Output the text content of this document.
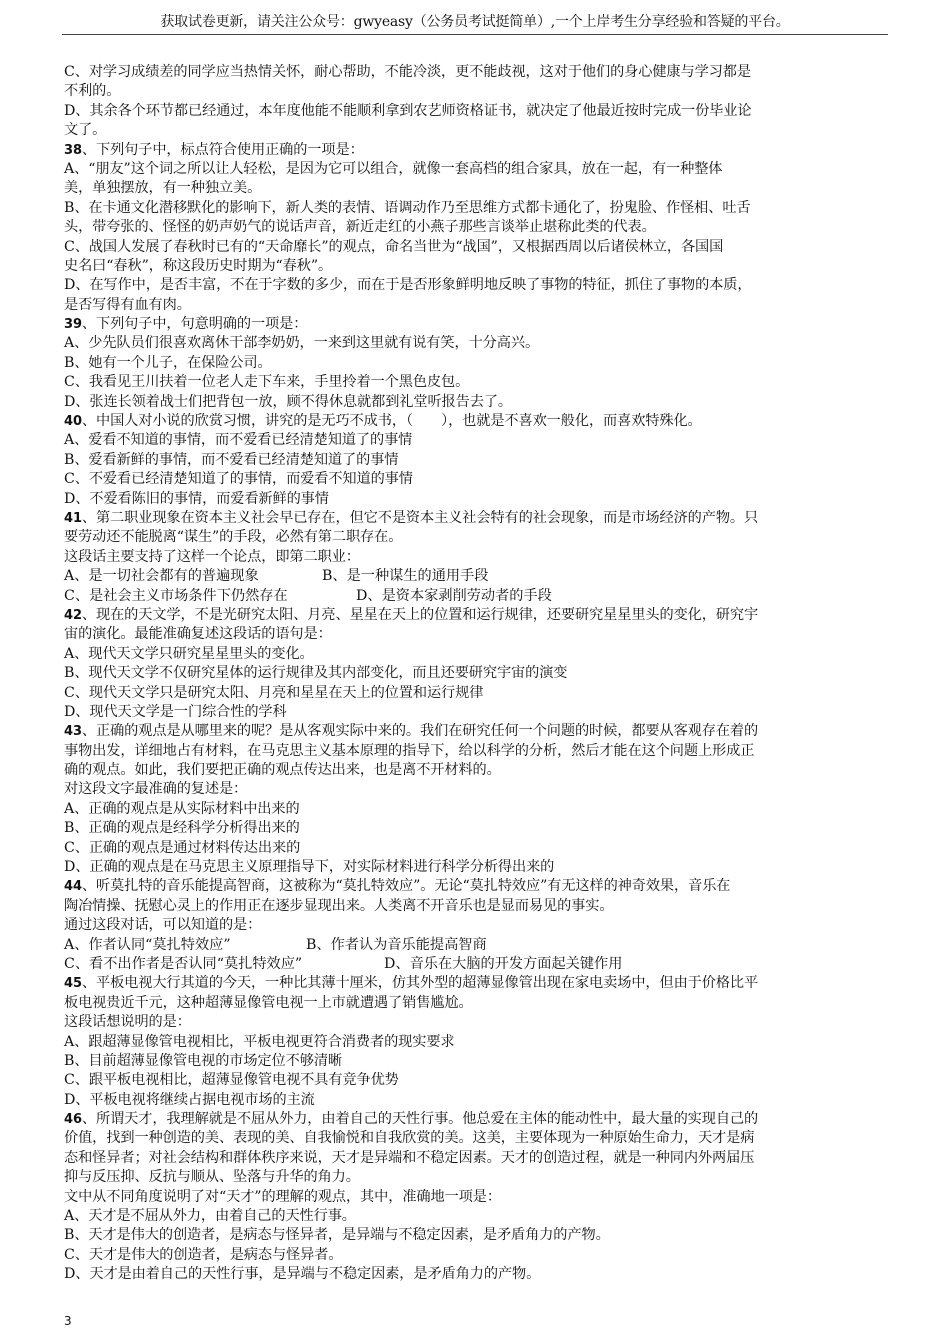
获取试卷更新，请关注公众号：gwyeasy（公务员考试挺简单）,一个上岸考生分享经验和答疑的平台。
C、对学习成绩差的同学应当热情关怀，耐心帮助，不能冷淡，更不能歧视，这对于他们的身心健康与学习都是
不利的。
D、其余各个环节都已经通过，本年度他能不能顺利拿到农艺师资格证书，就决定了他最近按时完成一份毕业论
文了。
38、下列句子中，标点符合使用正确的一项是：
A、“朋友”这个词之所以让人轻松，是因为它可以组合，就像一套高档的组合家具，放在一起，有一种整体
美，单独摆放，有一种独立美。
B、在卡通文化潜移默化的影响下，新人类的表情、语调动作乃至思维方式都卡通化了，扮鬼脸、作怪相、吐舌
头，带夸张的、怪怪的奶声奶气的说话声音，新近走红的小燕子那些言谈举止堪称此类的代表。
C、战国人发展了春秋时已有的“天命靡长”的观点，命名当世为“战国”，又根据西周以后诸侯林立，各国国
史名曰“春秋”，称这段历史时期为“春秋”。
D、在写作中，是否丰富，不在于字数的多少，而在于是否形象鲜明地反映了事物的特征，抓住了事物的本质，
是否写得有血有肉。
39、下列句子中，句意明确的一项是：
A、少先队员们很喜欢离休干部李奶奶，一来到这里就有说有笑，十分高兴。
B、她有一个儿子，在保险公司。
C、我看见王川扶着一位老人走下车来，手里拎着一个黑色皮包。
D、张连长领着战士们把背包一放，顾不得休息就都到礼堂听报告去了。
40、中国人对小说的欣赏习惯，讲究的是无巧不成书，（　　），也就是不喜欢一般化，而喜欢特殊化。
A、爱看不知道的事情，而不爱看已经清楚知道了的事情
B、爱看新鲜的事情，而不爱看已经清楚知道了的事情
C、不爱看已经清楚知道了的事情，而爱看不知道的事情
D、不爱看陈旧的事情，而爱看新鲜的事情
41、第二职业现象在资本主义社会早已存在，但它不是资本主义社会特有的社会现象，而是市场经济的产物。只
要劳动还不能脱离“谋生”的手段，必然有第二职存在。
这段话主要支持了这样一个论点，即第二职业：
A、是一切社会都有的普遍现象	B、是一种谋生的通用手段
C、是社会主义市场条件下仍然存在	D、是资本家剥削劳动者的手段
42、现在的天文学，不是光研究太阳、月亮、星星在天上的位置和运行规律，还要研究星星里头的变化，研究宇
宙的演化。最能准确复述这段话的语句是：
A、现代天文学只研究星星里头的变化。
B、现代天文学不仅研究星体的运行规律及其内部变化，而且还要研究宇宙的演变
C、现代天文学只是研究太阳、月亮和星星在天上的位置和运行规律
D、现代天文学是一门综合性的学科
43、正确的观点是从哪里来的呢？是从客观实际中来的。我们在研究任何一个问题的时候，都要从客观存在着的
事物出发，详细地占有材料，在马克思主义基本原理的指导下，给以科学的分析，然后才能在这个问题上形成正
确的观点。如此，我们要把正确的观点传达出来，也是离不开材料的。
对这段文字最准确的复述是：
A、正确的观点是从实际材料中出来的
B、正确的观点是经科学分析得出来的
C、正确的观点是通过材料传达出来的
D、正确的观点是在马克思主义原理指导下，对实际材料进行科学分析得出来的
44、听莫扎特的音乐能提高智商，这被称为“莫扎特效应”。无论“莫扎特效应”有无这样的神奇效果，音乐在
陶冶情操、抚慰心灵上的作用正在逐步显现出来。人类离不开音乐也是显而易见的事实。
通过这段对话，可以知道的是：
A、作者认同“莫扎特效应”	B、作者认为音乐能提高智商
C、看不出作者是否认同“莫扎特效应”	D、音乐在大脑的开发方面起关键作用
45、平板电视大行其道的今天，一种比其薄十厘米，仿其外型的超薄显像管出现在家电卖场中，但由于价格比平
板电视贵近千元，这种超薄显像管电视一上市就遭遇了销售尴尬。
这段话想说明的是：
A、跟超薄显像管电视相比，平板电视更符合消费者的现实要求
B、目前超薄显像管电视的市场定位不够清晰
C、跟平板电视相比，超薄显像管电视不具有竞争优势
D、平板电视将继续占据电视市场的主流
46、所谓天才，我理解就是不屈从外力，由着自己的天性行事。他总爱在主体的能动性中，最大量的实现自己的
价值，找到一种创造的美、表现的美、自我愉悦和自我欣赏的美。这美，主要体现为一种原始生命力，天才是病
态和怪异者；对社会结构和群体秩序来说，天才是异端和不稳定因素。天才的创造过程，就是一种同内外两届压
抑与反压抑、反抗与顺从、坠落与升华的角力。
文中从不同角度说明了对“天才”的理解的观点，其中，准确地一项是：
A、天才是不屈从外力，由着自己的天性行事。
B、天才是伟大的创造者，是病态与怪异者，是异端与不稳定因素，是矛盾角力的产物。
C、天才是伟大的创造者，是病态与怪异者。
D、天才是由着自己的天性行事，是异端与不稳定因素，是矛盾角力的产物。
3
